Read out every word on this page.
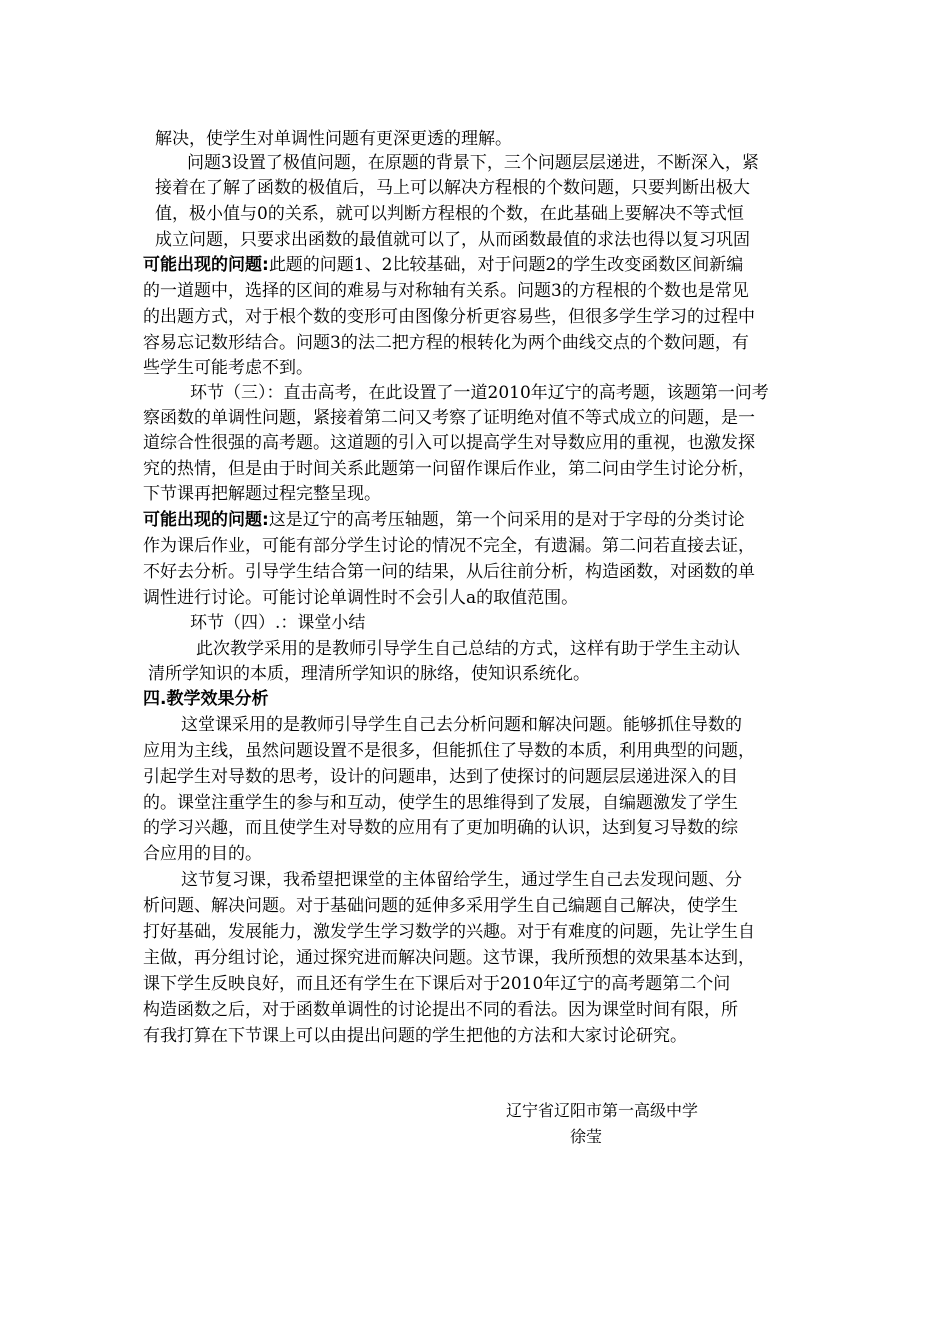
解决，使学生对单调性问题有更深更透的理解。
问题3设置了极值问题，在原题的背景下，三个问题层层递进，不断深入，紧
接着在了解了函数的极值后，马上可以解决方程根的个数问题，只要判断出极大
值，极小值与0的关系，就可以判断方程根的个数，在此基础上要解决不等式恒
成立问题，只要求出函数的最值就可以了，从而函数最值的求法也得以复习巩固
可能出现的问题:此题的问题1、2比较基础，对于问题2的学生改变函数区间新编
的一道题中，选择的区间的难易与对称轴有关系。问题3的方程根的个数也是常见
的出题方式，对于根个数的变形可由图像分析更容易些，但很多学生学习的过程中
容易忘记数形结合。问题3的法二把方程的根转化为两个曲线交点的个数问题，有
些学生可能考虑不到。
环节（三）：直击高考，在此设置了一道2010年辽宁的高考题，该题第一问考
察函数的单调性问题，紧接着第二问又考察了证明绝对值不等式成立的问题，是一
道综合性很强的高考题。这道题的引入可以提高学生对导数应用的重视，也激发探
究的热情，但是由于时间关系此题第一问留作课后作业，第二问由学生讨论分析，
下节课再把解题过程完整呈现。
可能出现的问题:这是辽宁的高考压轴题，第一个问采用的是对于字母的分类讨论
作为课后作业，可能有部分学生讨论的情况不完全，有遗漏。第二问若直接去证，
不好去分析。引导学生结合第一问的结果，从后往前分析，构造函数，对函数的单
调性进行讨论。可能讨论单调性时不会引人a的取值范围。
环节（四）.：课堂小结
此次教学采用的是教师引导学生自己总结的方式，这样有助于学生主动认
清所学知识的本质，理清所学知识的脉络，使知识系统化。
四.教学效果分析
这堂课采用的是教师引导学生自己去分析问题和解决问题。能够抓住导数的
应用为主线，虽然问题设置不是很多，但能抓住了导数的本质，利用典型的问题，
引起学生对导数的思考，设计的问题串，达到了使探讨的问题层层递进深入的目
的。课堂注重学生的参与和互动，使学生的思维得到了发展，自编题激发了学生
的学习兴趣，而且使学生对导数的应用有了更加明确的认识，达到复习导数的综
合应用的目的。
这节复习课，我希望把课堂的主体留给学生，通过学生自己去发现问题、分
析问题、解决问题。对于基础问题的延伸多采用学生自己编题自己解决，使学生
打好基础，发展能力，激发学生学习数学的兴趣。对于有难度的问题，先让学生自
主做，再分组讨论，通过探究进而解决问题。这节课，我所预想的效果基本达到，
课下学生反映良好，而且还有学生在下课后对于2010年辽宁的高考题第二个问
构造函数之后，对于函数单调性的讨论提出不同的看法。因为课堂时间有限，所
有我打算在下节课上可以由提出问题的学生把他的方法和大家讨论研究。
辽宁省辽阳市第一高级中学
徐莹
